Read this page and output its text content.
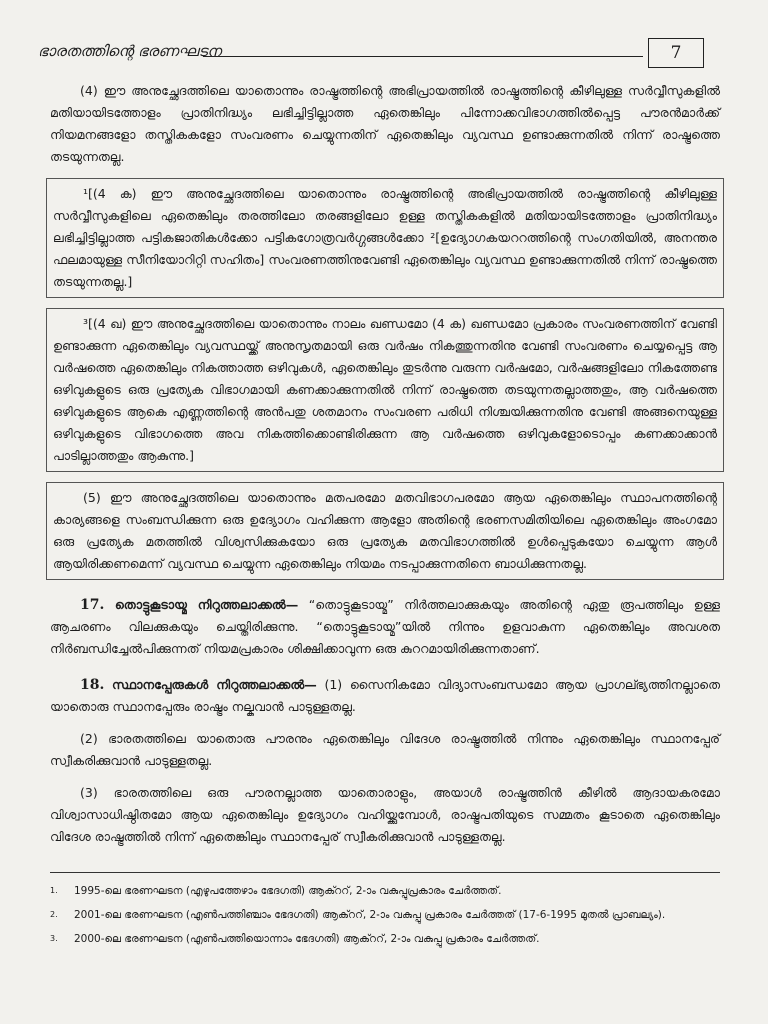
ഭാരതത്തിന്റെ ഭരണഘടന	7

(4) ഈ അനുച്ഛേദത്തിലെ യാതൊന്നും രാഷ്ട്രത്തിന്റെ അഭിപ്രായത്തിൽ രാഷ്ട്രത്തിന്റെ കീഴിലുള്ള സർവ്വീസുകളിൽ മതിയായിടത്തോളം പ്രാതിനിദ്ധ്യം ലഭിച്ചിട്ടില്ലാത്ത ഏതെങ്കിലും പിന്നോക്കവിഭാഗത്തിൽപ്പെട്ട പൗരൻമാർക്ക് നിയമനങ്ങളോ തസ്തികകളോ സംവരണം ചെയ്യുന്നതിന് ഏതെങ്കിലും വ്യവസ്ഥ ഉണ്ടാക്കുന്നതിൽ നിന്ന് രാഷ്ട്രത്തെ തടയുന്നതല്ല.

¹[(4 ക) ഈ അനുച്ഛേദത്തിലെ യാതൊന്നും രാഷ്ട്രത്തിന്റെ അഭിപ്രായത്തിൽ രാഷ്ട്രത്തിന്റെ കീഴിലുള്ള സർവ്വീസുകളിലെ ഏതെങ്കിലും തരത്തിലോ തരങ്ങളിലോ ഉള്ള തസ്തികകളിൽ മതിയായിടത്തോളം പ്രാതിനിദ്ധ്യം ലഭിച്ചിട്ടില്ലാത്ത പട്ടികജാതികൾക്കോ പട്ടികഗോത്രവർഗ്ഗങ്ങൾക്കോ ²[ഉദ്യോഗകയററത്തിന്റെ സംഗതിയിൽ, അനന്തര ഫലമായുള്ള സീനിയോറിറ്റി സഹിതം] സംവരണത്തിനുവേണ്ടി ഏതെങ്കിലും വ്യവസ്ഥ ഉണ്ടാക്കുന്നതിൽ നിന്ന് രാഷ്ട്രത്തെ തടയുന്നതല്ല.]

³[(4 ഖ) ഈ അനുച്ഛേദത്തിലെ യാതൊന്നും നാലം ഖണ്ഡമോ (4 ക) ഖണ്ഡമോ പ്രകാരം സംവരണത്തിന് വേണ്ടി ഉണ്ടാക്കുന്ന ഏതെങ്കിലും വ്യവസ്ഥയ്ക്ക് അനുസൃതമായി ഒരു വർഷം നികത്തുന്നതിനു വേണ്ടി സംവരണം ചെയ്യപ്പെട്ട ആ വർഷത്തെ ഏതെങ്കിലും നികത്താത്ത ഒഴിവുകൾ, ഏതെങ്കിലും തുടർന്നു വരുന്ന വർഷമോ, വർഷങ്ങളിലോ നികത്തേണ്ട ഒഴിവുകളുടെ ഒരു പ്രത്യേക വിഭാഗമായി കണക്കാക്കുന്നതിൽ നിന്ന് രാഷ്ട്രത്തെ തടയുന്നതല്ലാത്തതും, ആ വർഷത്തെ ഒഴിവുകളുടെ ആകെ എണ്ണത്തിന്റെ അൻപതു ശതമാനം സംവരണ പരിധി നിശ്ചയിക്കുന്നതിനു വേണ്ടി അങ്ങനെയുള്ള ഒഴിവുകളുടെ വിഭാഗത്തെ അവ നികത്തിക്കൊണ്ടിരിക്കുന്ന ആ വർഷത്തെ ഒഴിവുകളോടൊപ്പം കണക്കാക്കാൻ പാടില്ലാത്തതും ആകുന്നു.]

(5) ഈ അനുച്ഛേദത്തിലെ യാതൊന്നും മതപരമോ മതവിഭാഗപരമോ ആയ ഏതെങ്കിലും സ്ഥാപനത്തിന്റെ കാര്യങ്ങളെ സംബന്ധിക്കുന്ന ഒരു ഉദ്യോഗം വഹിക്കുന്ന ആളോ അതിന്റെ ഭരണസമിതിയിലെ ഏതെങ്കിലും അംഗമോ ഒരു പ്രത്യേക മതത്തിൽ വിശ്വസിക്കുകയോ ഒരു പ്രത്യേക മതവിഭാഗത്തിൽ ഉൾപ്പെടുകയോ ചെയ്യുന്ന ആൾ ആയിരിക്കണമെന്ന് വ്യവസ്ഥ ചെയ്യുന്ന ഏതെങ്കിലും നിയമം നടപ്പാക്കുന്നതിനെ ബാധിക്കുന്നതല്ല.

17. തൊട്ടുകൂടായ്മ നിറുത്തലാക്കൽ— “തൊട്ടുകൂടായ്മ” നിർത്തലാക്കുകയും അതിന്റെ ഏതു രൂപത്തിലും ഉള്ള ആചരണം വിലക്കുകയും ചെയ്തിരിക്കുന്നു. “തൊട്ടുകൂടായ്മ”യിൽ നിന്നും ഉളവാകുന്ന ഏതെങ്കിലും അവശത നിർബന്ധിച്ചേൽപിക്കുന്നത് നിയമപ്രകാരം ശിക്ഷിക്കാവുന്ന ഒരു കുററമായിരിക്കുന്നതാണ്.

18. സ്ഥാനപ്പേരുകൾ നിറുത്തലാക്കൽ— (1) സൈനികമോ വിദ്യാസംബന്ധമോ ആയ പ്രാഗല്ഭ്യത്തിനല്ലാതെ യാതൊരു സ്ഥാനപ്പേരും രാഷ്ട്രം നല്കുവാൻ പാടുള്ളതല്ല.

(2) ഭാരതത്തിലെ യാതൊരു പൗരനും ഏതെങ്കിലും വിദേശ രാഷ്ട്രത്തിൽ നിന്നും ഏതെങ്കിലും സ്ഥാനപ്പേര് സ്വീകരിക്കുവാൻ പാടുള്ളതല്ല.

(3) ഭാരതത്തിലെ ഒരു പൗരനല്ലാത്ത യാതൊരാളും, അയാൾ രാഷ്ട്രത്തിൻ കീഴിൽ ആദായകരമോ വിശ്വാസാധിഷ്ഠിതമോ ആയ ഏതെങ്കിലും ഉദ്യോഗം വഹിയ്ക്കുമ്പോൾ, രാഷ്ട്രപതിയുടെ സമ്മതം കൂടാതെ ഏതെങ്കിലും വിദേശ രാഷ്ട്രത്തിൽ നിന്ന് ഏതെങ്കിലും സ്ഥാനപ്പേര് സ്വീകരിക്കുവാൻ പാടുള്ളതല്ല.

1. 1995-ലെ ഭരണഘടന (എഴുപത്തേഴാം ഭേദഗതി) ആക്ററ്, 2-ാം വകുപ്പുപ്രകാരം ചേർത്തത്.

2. 2001-ലെ ഭരണഘടന (എൺപത്തിഞ്ചാം ഭേദഗതി) ആക്ററ്, 2-ാം വകുപ്പു പ്രകാരം ചേർത്തത് (17-6-1995 മുതൽ പ്രാബല്യം).

3. 2000-ലെ ഭരണഘടന (എൺപത്തിയൊന്നാം ഭേദഗതി) ആക്ററ്, 2-ാം വകുപ്പു പ്രകാരം ചേർത്തത്.
